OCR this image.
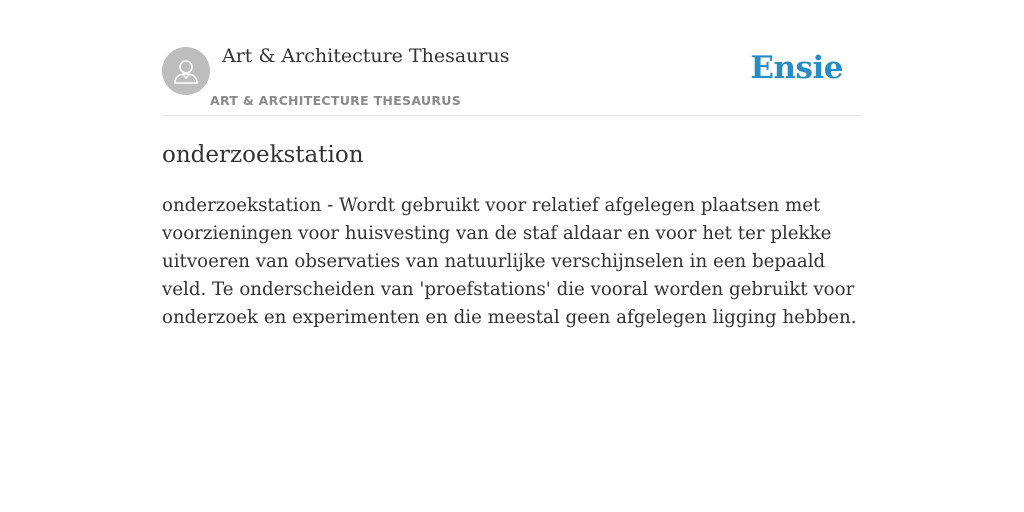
Art & Architecture Thesaurus
ART & ARCHITECTURE THESAURUS
Ensie
onderzoekstation

onderzoekstation - Wordt gebruikt voor relatief afgelegen plaatsen met voorzieningen voor huisvesting van de staf aldaar en voor het ter plekke uitvoeren van observaties van natuurlijke verschijnselen in een bepaald veld. Te onderscheiden van 'proefstations' die vooral worden gebruikt voor onderzoek en experimenten en die meestal geen afgelegen ligging hebben.
